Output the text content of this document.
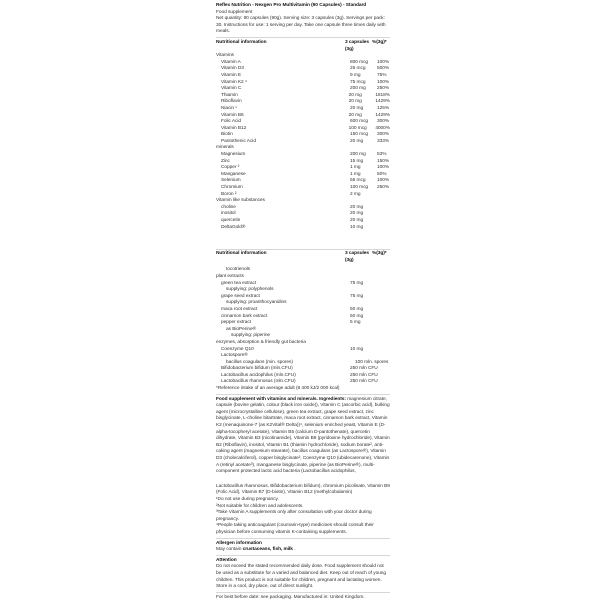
Reflex Nutrition - Nexgen Pro Multivitamin (90 Capsules) - Standard
Food supplement
Net quantity: 90 capsules (90g). Serving size: 3 capsules (3g). Servings per pack: 30. Instructions for use: 1 serving per day. Take one capsule three times daily with meals.
Nutritional information	3 capsules
(3g)
%(3g)*
Vitamins
Vitamin A	800 mcg	100%
Vitamin D3	25 mcg	500%
Vitamin E	9 mg	75%
Vitamin K2 ⁴	75 mcg	100%
Vitamin C	200 mg	250%
Thiamin	20 mg	1818%
Riboflavin	20 mg	1429%
Niacin ¹	20 mg	125%
Vitamin B6	20 mg	1429%
Folic Acid	600 mcg	300%
Vitamin B12	100 mcg	4000%
Biotin	150 mcg	300%
Pantothenic Acid	20 mg	333%
minerals
Magnesium	200 mg	53%
Zinc	15 mg	150%
Copper ²	1 mg	100%
Manganese	1 mg	50%
Selenium	55 mcg	100%
Chromium	100 mcg	250%
Boron ²	2 mg
Vitamin like substances
choline	20 mg
inositol	20 mg
quercetin	20 mg
DeltaGold®	10 mg
Nutritional information	3 capsules
(3g)
%(3g)*
tocotrienols
plant extracts
green tea extract	75 mg
supplying: polyphenols
grape seed extract	75 mg
supplying: proanthocyanidins
maca root extract	50 mg
cinnamon bark extract	50 mg
pepper extract	5 mg
as BioPerine®
supplying: piperine
enzymes, absorption & friendly gut bacteria
Coenzyme Q10	10 mg
Lactospore®
bacillus coagulans (min. spores)	100 mln. spores
Bifidobacterium bifidum (mln.CFU)	250 mln CFU
Lactobacillus acidophilus (mln.CFU)	250 mln CFU
Lactobacillus rhamnosus (mln.CFU)	250 mln CFU
*Reference intake of an average adult (8 400 kJ/2 000 kcal)
Food supplement with vitamins and minerals. Ingredients: magnesium citrate, capsule (bovine gelatin, colour (black iron oxide)), Vitamin C (ascorbic acid), bulking agent (microcrystalline cellulose), green tea extract, grape seed extract, zinc bisglycinate, L-choline bitartrate, maca root extract, cinnamon bark extract, Vitamin K2 (menaquinone-7 (as K2Vital® Delta))⁴, selenium enriched yeast, Vitamin E (D-alpha-tocopheryl acetate), Vitamin B5 (calcium D-pantothenate), quercetin dihydrate, Vitamin B3 (nicotinamide), Vitamin B6 (pyridoxine hydrochloride), Vitamin B2 (Riboflavin), inositol, Vitamin B1 (thiamin hydrochloride), sodium borate², anti-caking agent (magnesium stearate), bacillus coagulans (as Lactospore®), Vitamin D3 (cholecalciferol), copper bisglycinate², Coenzyme Q10 (ubidecarenone), Vitamin A (retinyl acetate³), manganese bisglycinate, piperine (as BioPerine®), multi-component protected lactic acid bacteria (Lactobacillus acidophilus,
Lactobacillus rhamnosus, Bifidobacterium bifidum), chromium picolinate, Vitamin B9 (Folic Acid), Vitamin B7 (D-biotin), Vitamin B12 (methylcobalamin)
¹Do not use during pregnancy.
²Not suitable for children and adolescents.
³Take Vitamin A supplements only after consultation with your doctor during pregnancy.
⁴People taking anticoagulant (coumarin-type) medicines should consult their physician before consuming vitamin K-containing supplements.
Allergen information
May contain crustaceans, fish, milk .
Attention
Do not exceed the stated recommended daily dose. Food supplement should not be used as a substitute for a varied and balanced diet. Keep out of reach of young children. This product is not suitable for children, pregnant and lactating women. Store in a cool, dry place, out of direct sunlight.
For best before date: see packaging. Manufactured in: United Kingdom.
